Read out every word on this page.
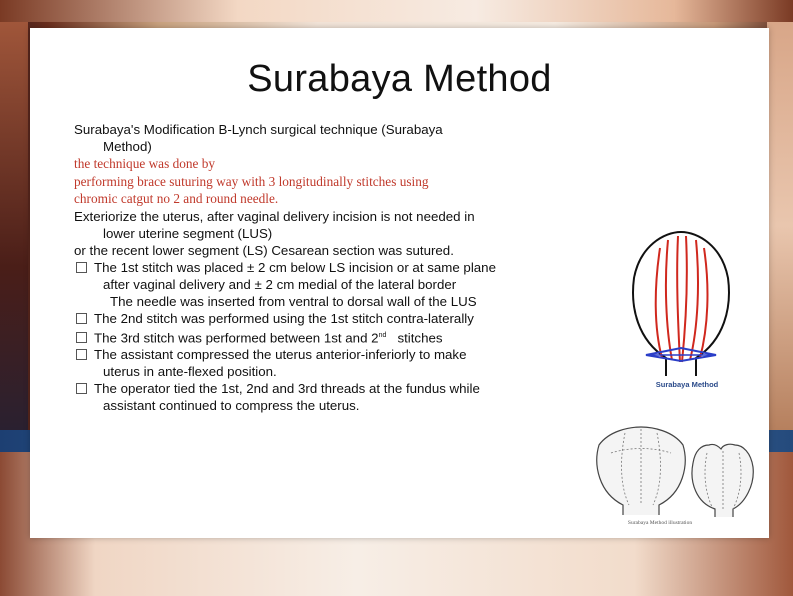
Surabaya Method
Surabaya's Modification B-Lynch surgical technique (Surabaya
Method)
the technique was done by
performing brace suturing way with 3 longitudinally stitches using
chromic catgut no 2 and round needle.
Exteriorize the uterus, after vaginal delivery incision is not needed in
lower uterine segment (LUS)
or the recent lower segment (LS) Cesarean section was sutured.
The 1st stitch was placed ± 2 cm below LS incision or at same plane
after vaginal delivery and ± 2 cm medial of the lateral border
The needle was inserted from ventral to dorsal wall of the LUS
The 2nd stitch was performed using the 1st stitch contra-laterally
The 3rd stitch was performed between 1st and 2nd   stitches
The assistant compressed the uterus anterior-inferiorly to make
uterus in ante-flexed position.
The operator tied the 1st, 2nd and 3rd threads at the fundus while
assistant continued to compress the uterus.
Surabaya Method
Surabaya Method illustration
